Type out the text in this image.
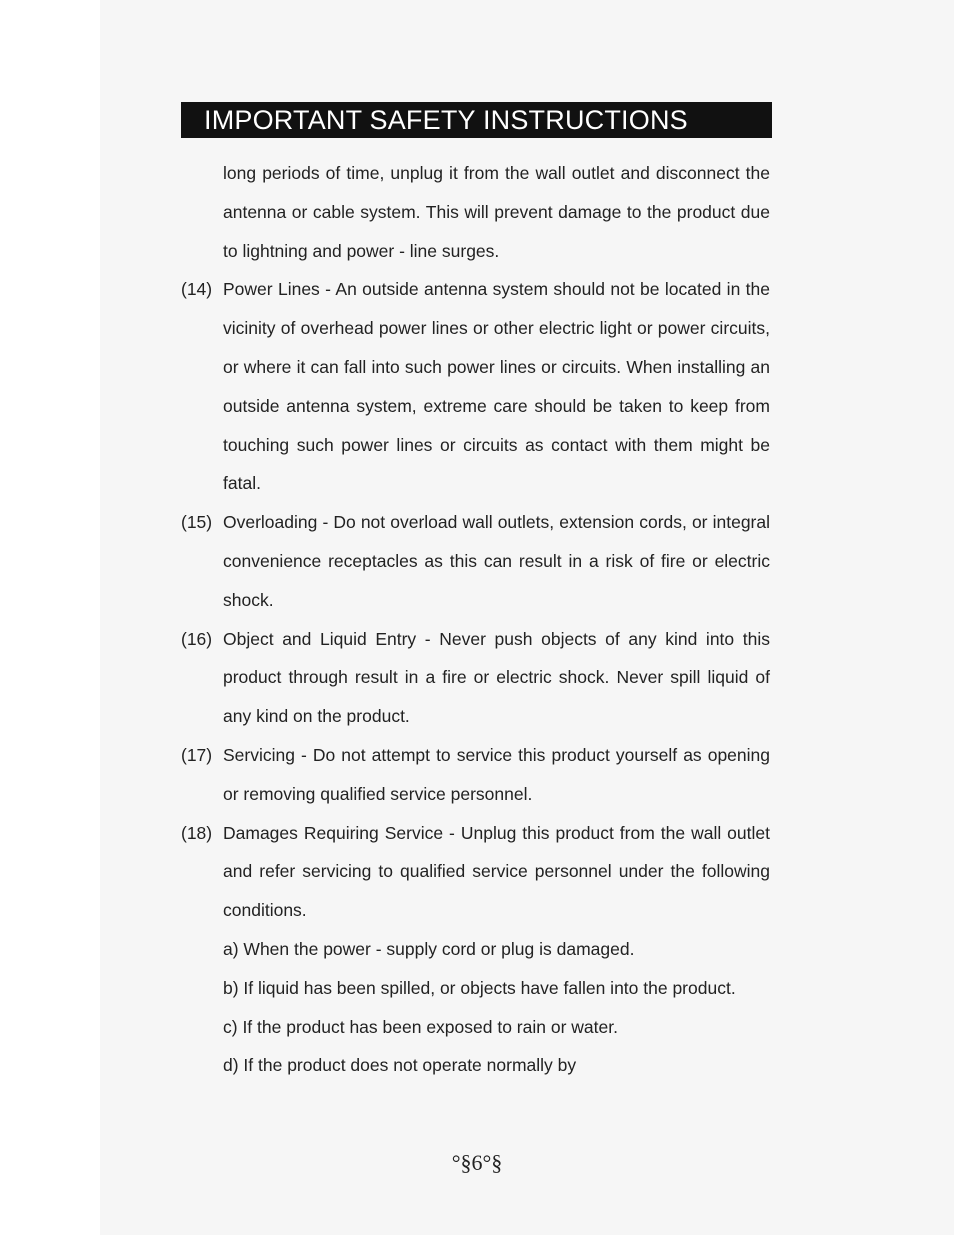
IMPORTANT SAFETY INSTRUCTIONS
long periods of time, unplug it from the wall outlet and disconnect the antenna or cable system. This will prevent damage to the product due to lightning and power - line surges.
(14) Power Lines - An outside antenna system should not be located in the vicinity of overhead power lines or other electric light or power circuits, or where it can fall into such power lines or circuits. When installing an outside antenna system, extreme care should be taken to keep from touching such power lines or circuits as contact with them might be fatal.
(15) Overloading - Do not overload wall outlets, extension cords, or integral convenience receptacles as this can result in a risk of fire or electric shock.
(16) Object and Liquid Entry - Never push objects of any kind into this product through result in a fire or electric shock. Never spill liquid of any kind on the product.
(17) Servicing - Do not attempt to service this product yourself as opening or removing qualified service personnel.
(18) Damages Requiring Service - Unplug this product from the wall outlet and refer servicing to qualified service personnel under the following conditions.
a) When the power - supply cord or plug is damaged.
b) If liquid has been spilled, or objects have fallen into the product.
c) If the product has been exposed to rain or water.
d) If the product does not operate normally by
°§6°§
